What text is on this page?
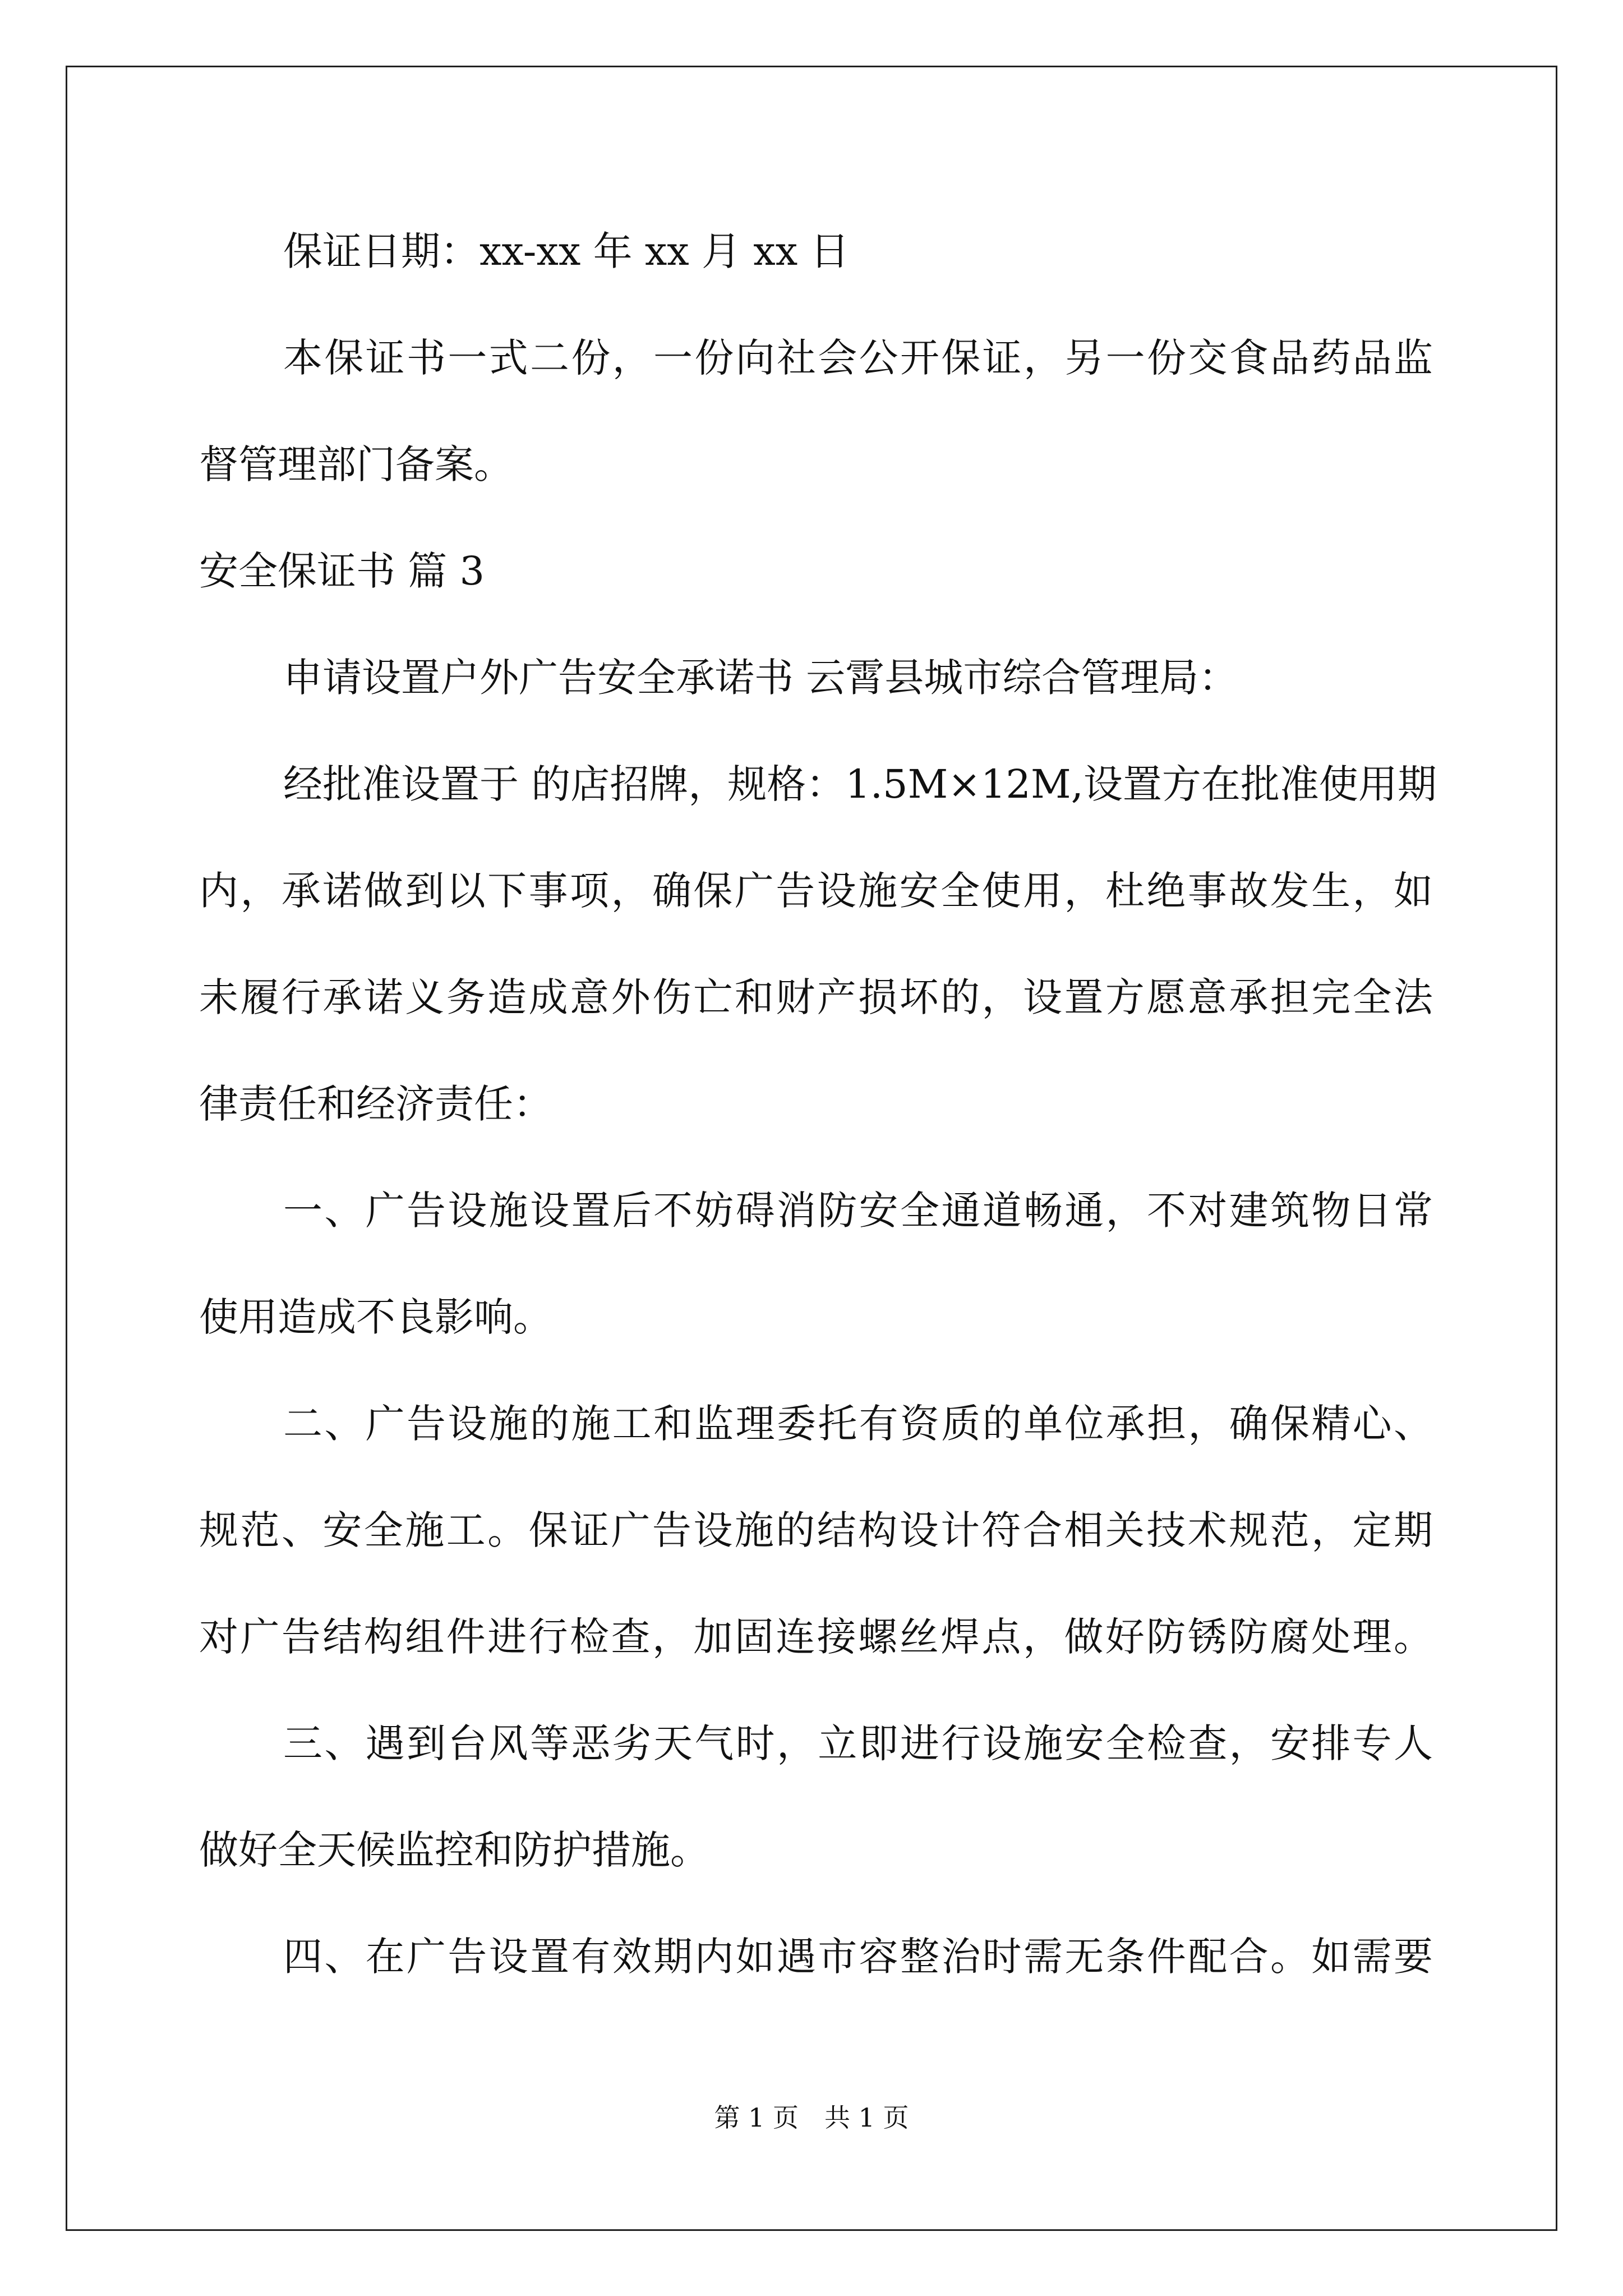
保证日期：xx-xx 年 xx 月 xx 日
本保证书一式二份，一份向社会公开保证，另一份交食品药品监
督管理部门备案。
安全保证书 篇 3
申请设置户外广告安全承诺书 云霄县城市综合管理局：
经批准设置于 的店招牌，规格：1.5M×12M,设置方在批准使用期
内，承诺做到以下事项，确保广告设施安全使用，杜绝事故发生，如
未履行承诺义务造成意外伤亡和财产损坏的，设置方愿意承担完全法
律责任和经济责任：
一、广告设施设置后不妨碍消防安全通道畅通，不对建筑物日常
使用造成不良影响。
二、广告设施的施工和监理委托有资质的单位承担，确保精心、
规范、安全施工。保证广告设施的结构设计符合相关技术规范，定期
对广告结构组件进行检查，加固连接螺丝焊点，做好防锈防腐处理。
三、遇到台风等恶劣天气时，立即进行设施安全检查，安排专人
做好全天候监控和防护措施。
四、在广告设置有效期内如遇市容整治时需无条件配合。如需要
第 1 页　共 1 页
